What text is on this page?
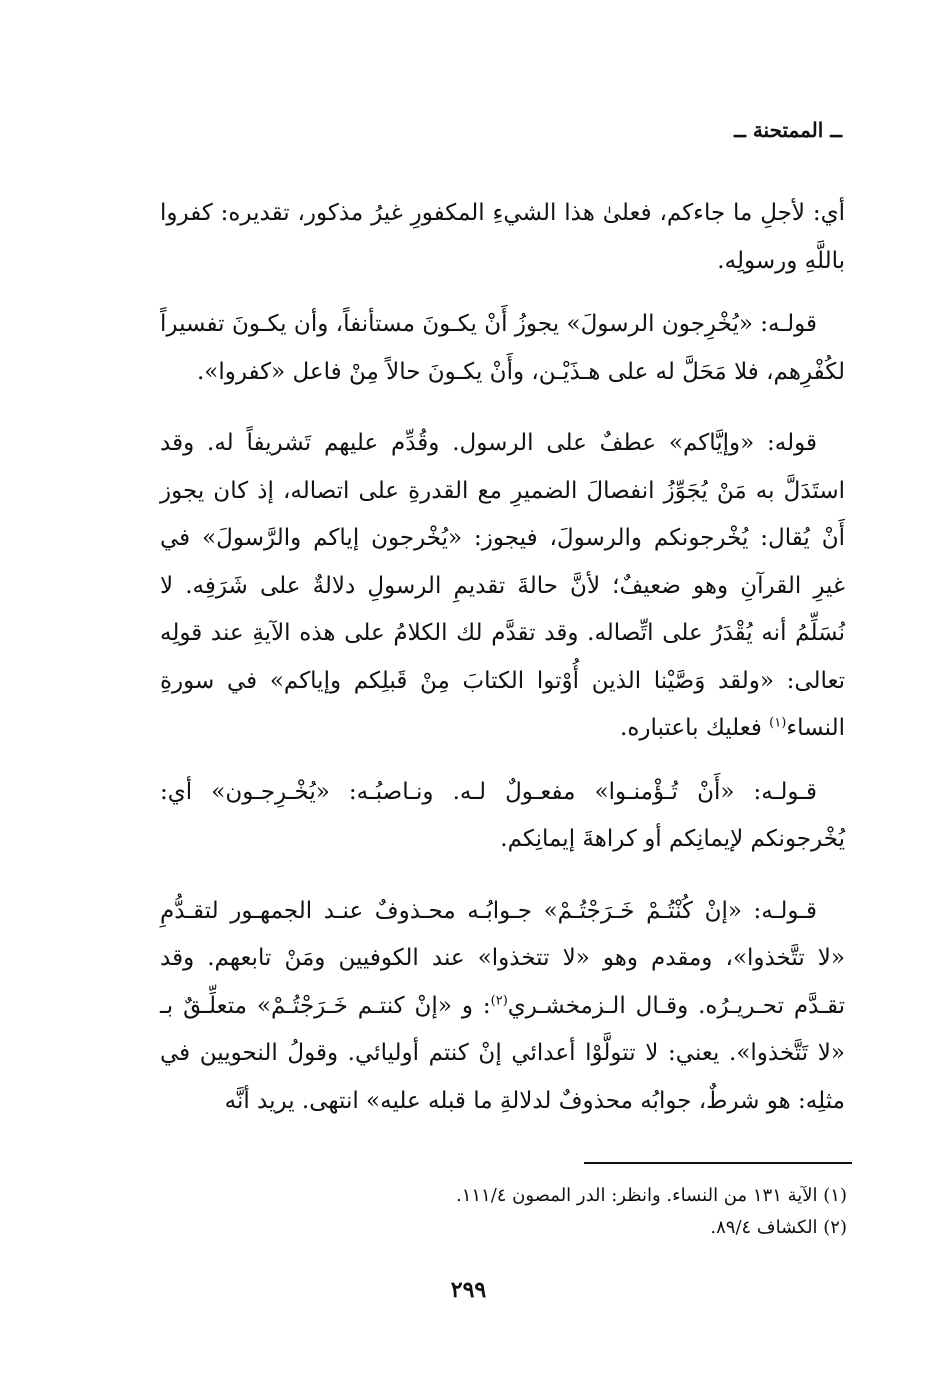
ــ الممتحنة ــ

أي: لأجلِ ما جاءكم، فعلىٰ هذا الشيءِ المكفورِ غيرُ مذكور، تقديره: كفروا باللَّهِ ورسولِه.

قولـه: «يُخْرِجون الرسولَ» يجوزُ أَنْ يكـونَ مستأنفاً، وأن يكـونَ تفسيراً لكُفْرِهم، فلا مَحَلَّ له على هـذَيْـن، وأَنْ يكـونَ حالاً مِنْ فاعل «كفروا».

قوله: «وإيَّاكم» عطفٌ على الرسول. وقُدِّم عليهم تَشريفاً له. وقد استَدَلَّ به مَنْ يُجَوِّزُ انفصالَ الضميرِ مع القدرةِ على اتصاله، إذ كان يجوز أَنْ يُقال: يُخْرجونكم والرسولَ، فيجوز: «يُخْرجون إياكم والرَّسولَ» في غيرِ القرآنِ وهو ضعيفٌ؛ لأنَّ حالةَ تقديمِ الرسولِ دلالةٌ على شَرَفِه. لا نُسَلِّمُ أنه يُقْدَرُ على اتِّصاله. وقد تقدَّم لك الكلامُ على هذه الآيةِ عند قولِه تعالى: «ولقد وَصَّيْنا الذين أُوْتوا الكتابَ مِنْ قَبلِكم وإياكم» في سورةِ النساء$^{(١)}$ فعليك باعتباره.

قـولـه: «أَنْ تُـؤْمنـوا» مفعـولٌ لـه. ونـاصبُـه: «يُخْـرِجـون» أي: يُخْرجونكم لإيمانِكم أو كراهةَ إيمانِكم.

قـولـه: «إنْ كُنْتُـمْ خَـرَجْتُـمْ» جـوابُـه محـذوفٌ عنـد الجمهـور لتقـدُّمِ «لا تتَّخذوا»، ومقدم وهو «لا تتخذوا» عند الكوفيين ومَنْ تابعهم. وقد تقـدَّم تحـريـرُه. وقـال الـزمخشـري$^{(٢)}$: و «إنْ كنتـم خَـرَجْتُـمْ» متعلِّـقٌ بـ «لا تَتَّخذوا». يعني: لا تتولَّوْا أعدائي إنْ كنتم أوليائي. وقولُ النحويين في مثلِه: هو شرطٌ، جوابُه محذوفٌ لدلالةِ ما قبله عليه» انتهى. يريد أنَّه

(١) الآية ١٣١ من النساء. وانظر: الدر المصون ١١١/٤.

(٢) الكشاف ٨٩/٤.

٢٩٩
